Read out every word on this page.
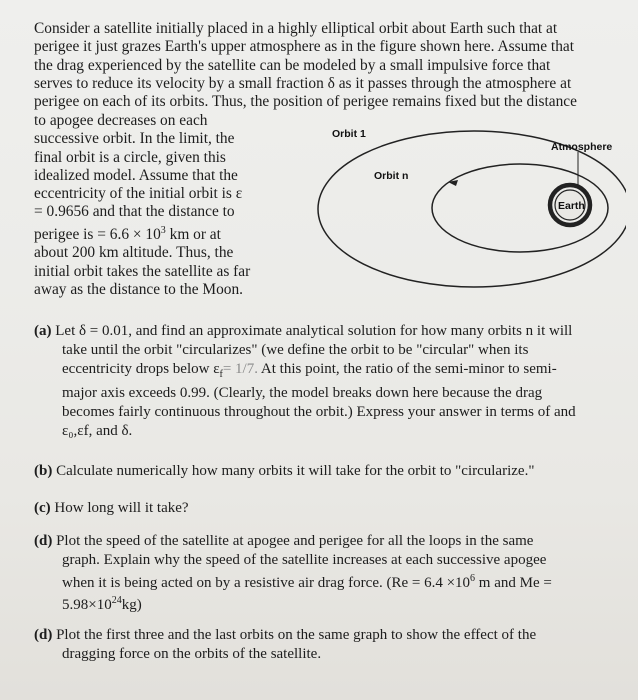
Consider a satellite initially placed in a highly elliptical orbit about Earth such that at
perigee it just grazes Earth's upper atmosphere as in the figure shown here. Assume that
the drag experienced by the satellite can be modeled by a small impulsive force that
serves to reduce its velocity by a small fraction δ as it passes through the atmosphere at
perigee on each of its orbits. Thus, the position of perigee remains fixed but the distance
to apogee decreases on each
successive orbit. In the limit, the
final orbit is a circle, given this
idealized model. Assume that the
eccentricity of the initial orbit is ε
= 0.9656 and that the distance to
perigee is = $6.6 \times 10^3$ km or at
about 200 km altitude. Thus, the
initial orbit takes the satellite as far
away as the distance to the Moon.
Orbit 1
Orbit n
Atmosphere
Earth
(a) Let δ = 0.01, and find an approximate analytical solution for how many orbits n it will
take until the orbit "circularizes" (we define the orbit to be "circular" when its
eccentricity drops below $\varepsilon_f= 1/7$. At this point, the ratio of the semi-minor to semi-
major axis exceeds 0.99. (Clearly, the model breaks down here because the drag
becomes fairly continuous throughout the orbit.) Express your answer in terms of and
ε₀,εf, and δ.
(b) Calculate numerically how many orbits it will take for the orbit to "circularize."
(c) How long will it take?
(d) Plot the speed of the satellite at apogee and perigee for all the loops in the same
graph. Explain why the speed of the satellite increases at each successive apogee
when it is being acted on by a resistive air drag force. ($Re = 6.4 \times 10^6$ m and Me =
$5.98\times 10^{24}kg$)
(d) Plot the first three and the last orbits on the same graph to show the effect of the
dragging force on the orbits of the satellite.
